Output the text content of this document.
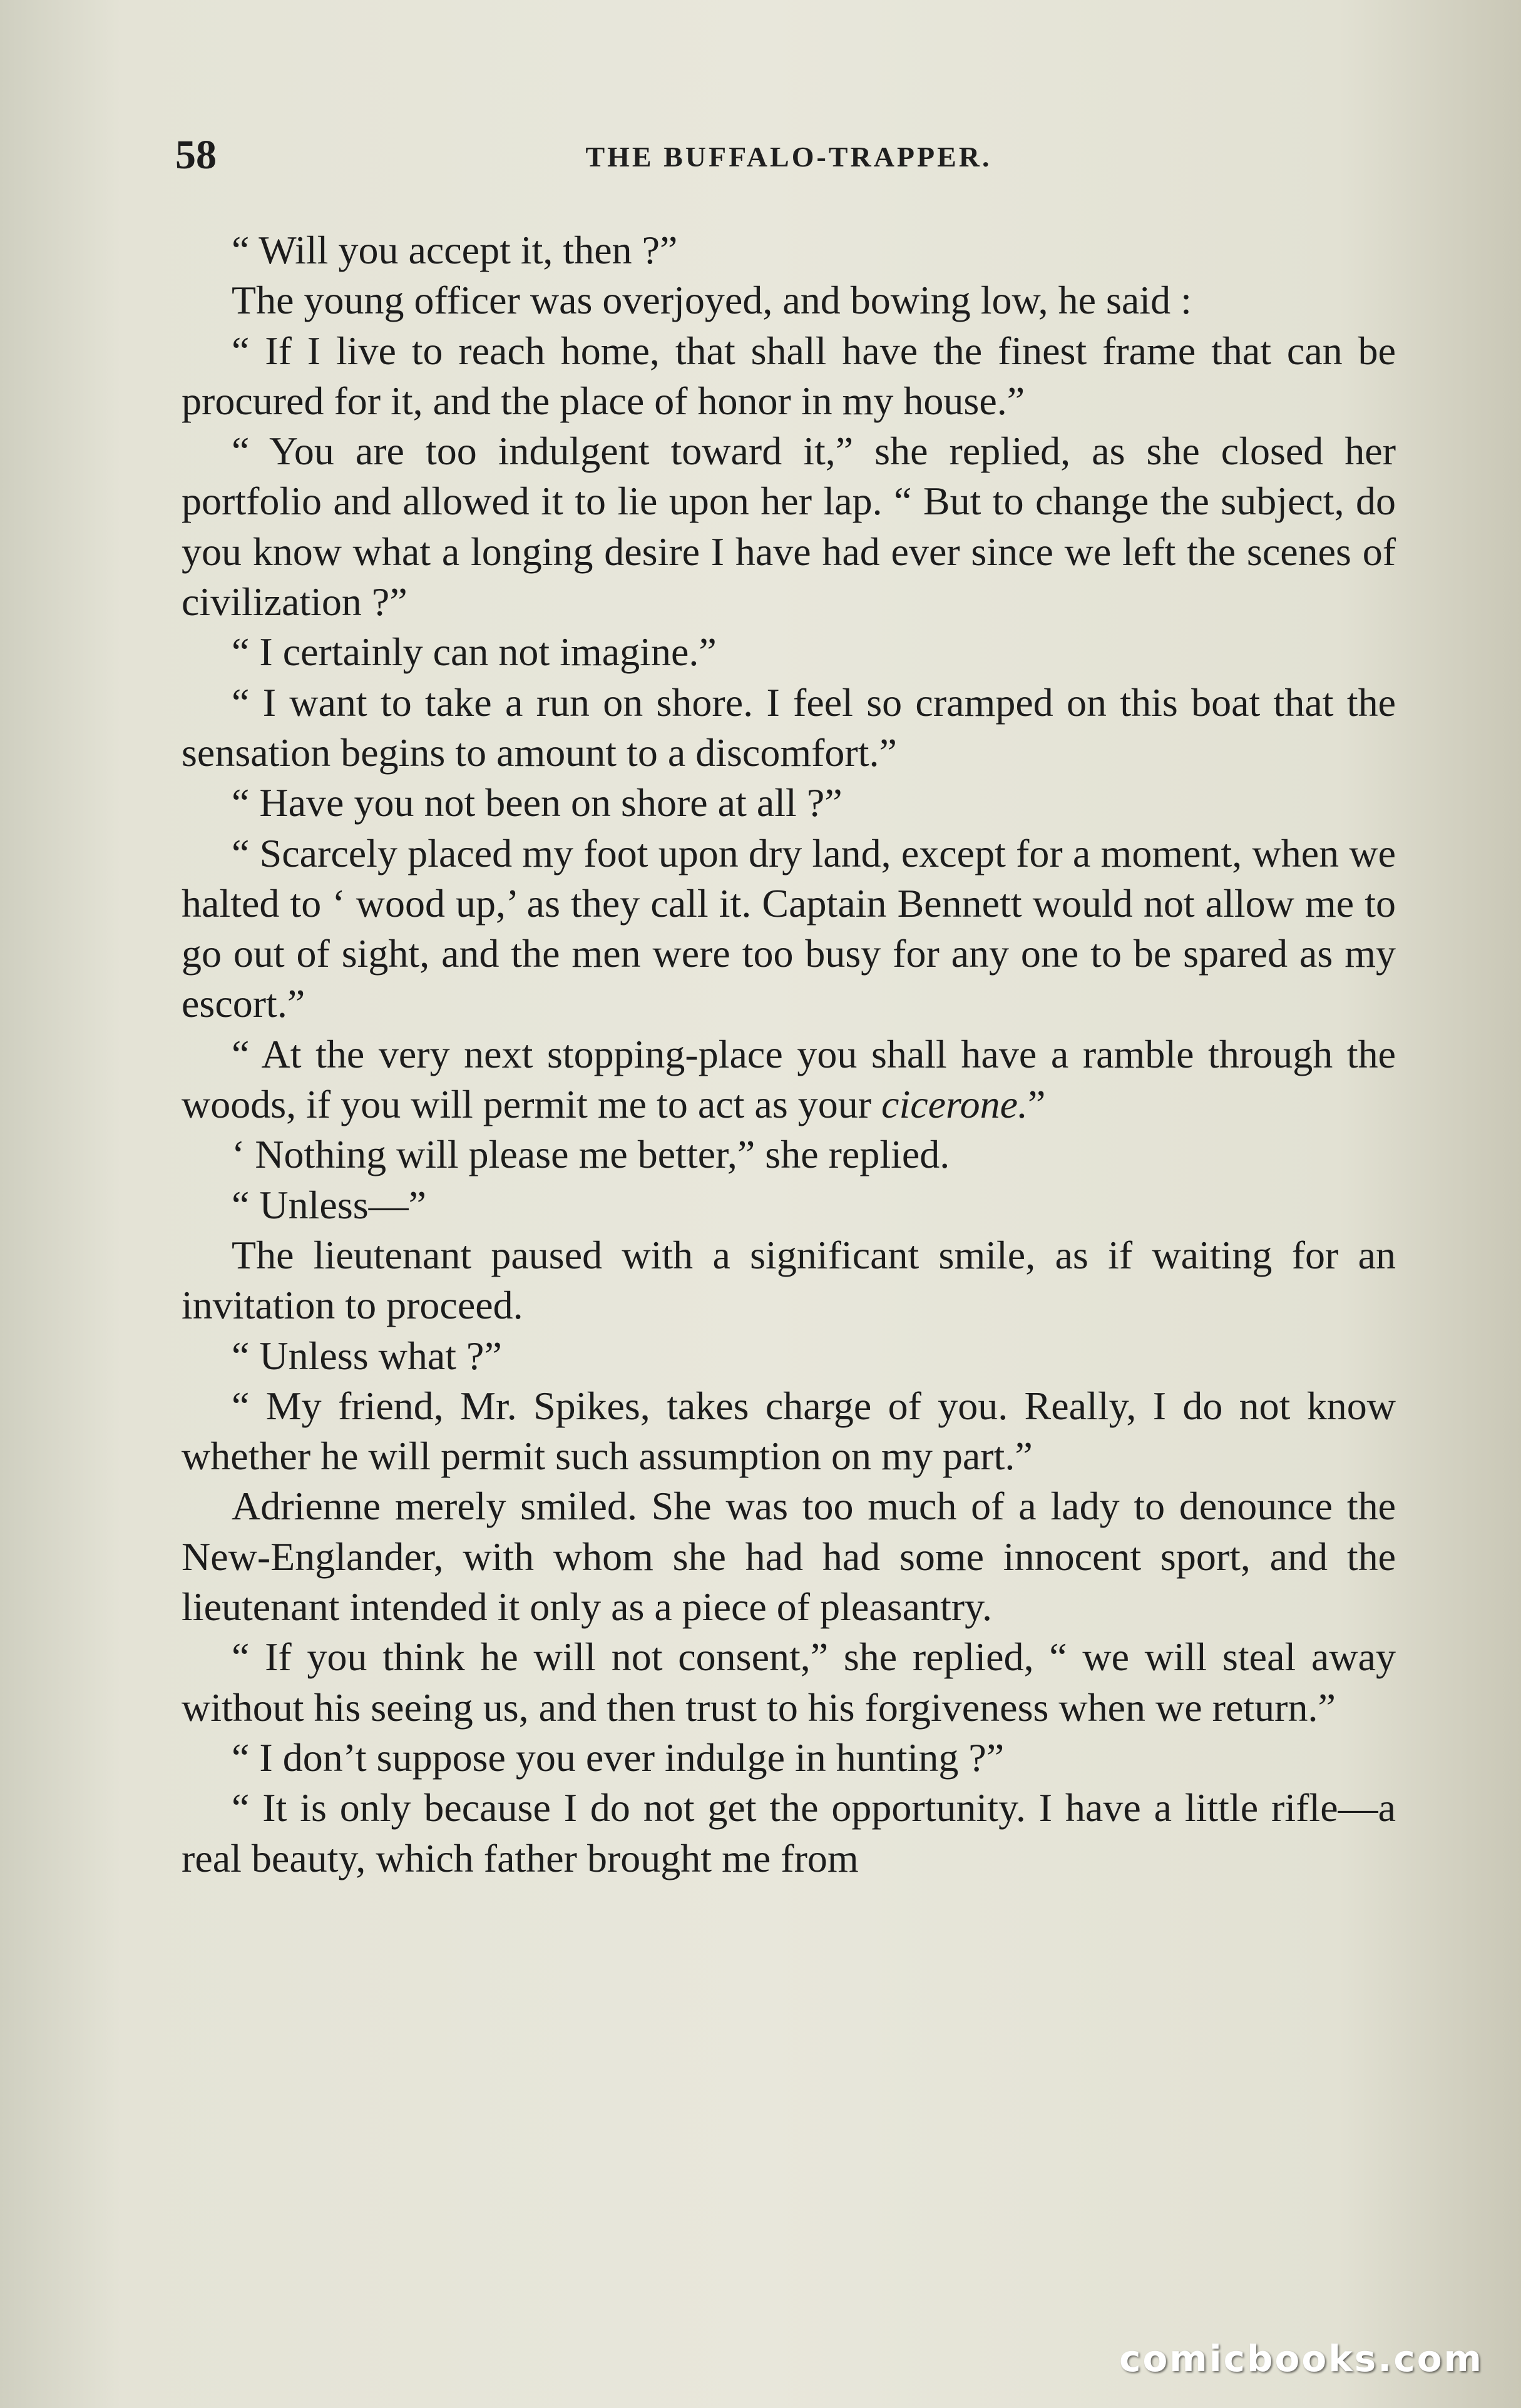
58	THE BUFFALO-TRAPPER.

“ Will you accept it, then ?”

The young officer was overjoyed, and bowing low, he said :

“ If I live to reach home, that shall have the finest frame that can be procured for it, and the place of honor in my house.”

“ You are too indulgent toward it,” she replied, as she closed her portfolio and allowed it to lie upon her lap. “ But to change the subject, do you know what a longing desire I have had ever since we left the scenes of civilization ?”

“ I certainly can not imagine.”

“ I want to take a run on shore. I feel so cramped on this boat that the sensation begins to amount to a discomfort.”

“ Have you not been on shore at all ?”

“ Scarcely placed my foot upon dry land, except for a moment, when we halted to ‘ wood up,’ as they call it. Captain Bennett would not allow me to go out of sight, and the men were too busy for any one to be spared as my escort.”

“ At the very next stopping-place you shall have a ramble through the woods, if you will permit me to act as your cicerone.”

‘ Nothing will please me better,” she replied.

“ Unless—”

The lieutenant paused with a significant smile, as if waiting for an invitation to proceed.

“ Unless what ?”

“ My friend, Mr. Spikes, takes charge of you. Really, I do not know whether he will permit such assumption on my part.”

Adrienne merely smiled. She was too much of a lady to denounce the New-Englander, with whom she had had some innocent sport, and the lieutenant intended it only as a piece of pleasantry.

“ If you think he will not consent,” she replied, “ we will steal away without his seeing us, and then trust to his forgiveness when we return.”

“ I don’t suppose you ever indulge in hunting ?”

“ It is only because I do not get the opportunity. I have a little rifle—a real beauty, which father brought me from

comicbooks.com
